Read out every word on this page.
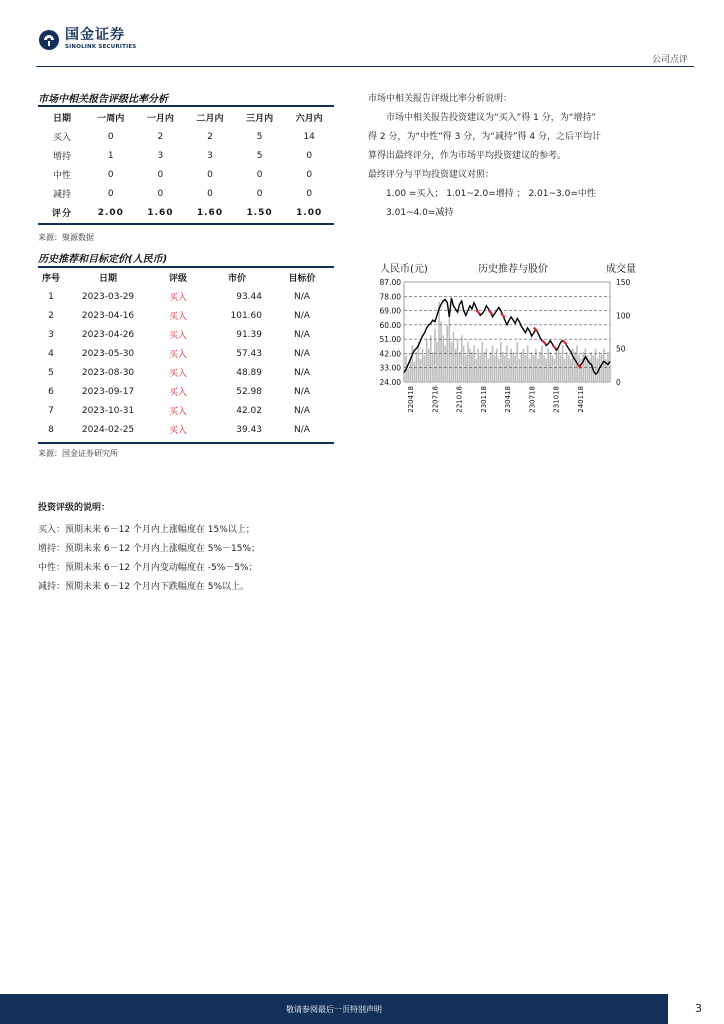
国金证券
SINOLINK SECURITIES
公司点评
市场中相关报告评级比率分析
日期	一周内	一月内	二月内	三月内	六月内
买入	0	2	2	5	14
增持	1	3	3	5	0
中性	0	0	0	0	0
减持	0	0	0	0	0
评分	2.00	1.60	1.60	1.50	1.00
来源：聚源数据

市场中相关报告评级比率分析说明：

市场中相关报告投资建议为“买入”得 1 分，为“增持”

得 2 分，为“中性”得 3 分，为“减持”得 4 分，之后平均计

算得出最终评分，作为市场平均投资建议的参考。

最终评分与平均投资建议对照：

1.00 =买入； 1.01~2.0=增持 ； 2.01~3.0=中性

3.01~4.0=减持

历史推荐和目标定价(人民币)
序号	日期	评级	市价	目标价
1	2023-03-29	买入	93.44	N/A
2	2023-04-16	买入	101.60	N/A
3	2023-04-26	买入	91.39	N/A
4	2023-05-30	买入	57.43	N/A
5	2023-08-30	买入	48.89	N/A
6	2023-09-17	买入	52.98	N/A
7	2023-10-31	买入	42.02	N/A
8	2024-02-25	买入	39.43	N/A
来源：国金证券研究所
人民币(元)	历史推荐与股价	成交量
87.00
78.00
69.00
60.00
51.00
42.00
33.00
24.00
150
100
50
0
220418 220718 221018 230118 230418 230718 231018 240118
投资评级的说明：

买入：预期未来 6－12 个月内上涨幅度在 15%以上；

增持：预期未来 6－12 个月内上涨幅度在 5%－15%；

中性：预期未来 6－12 个月内变动幅度在 -5%－5%；

减持：预期未来 6－12 个月内下跌幅度在 5%以上。

敬请参阅最后一页特别声明	3
